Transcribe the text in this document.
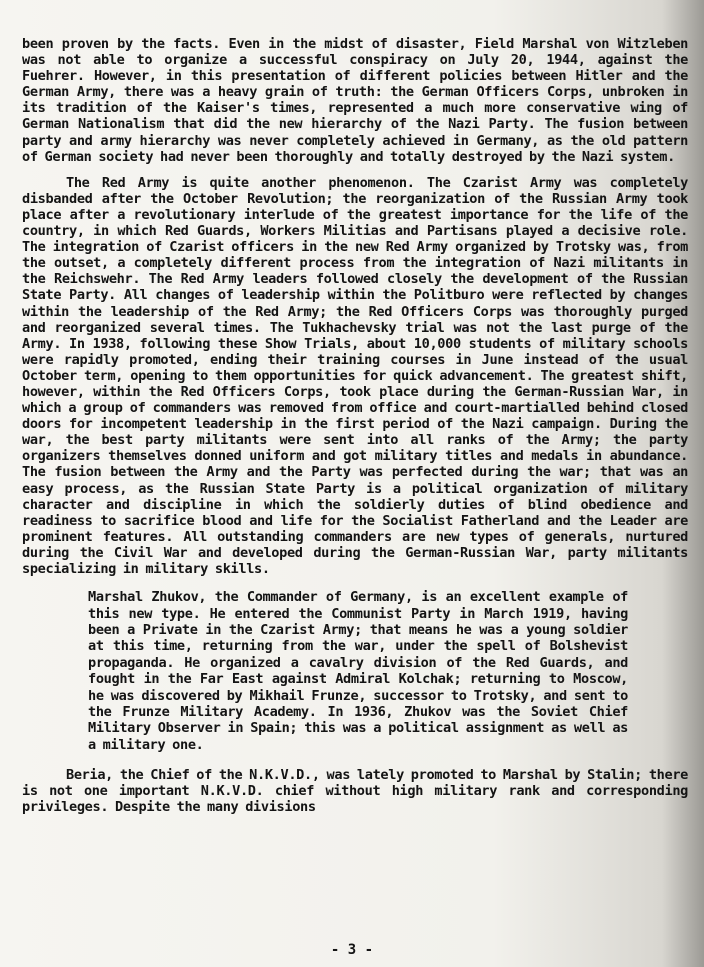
been proven by the facts. Even in the midst of disaster, Field Marshal von Witzleben was not able to organize a successful conspiracy on July 20, 1944, against the Fuehrer. However, in this presentation of different policies between Hitler and the German Army, there was a heavy grain of truth: the German Officers Corps, unbroken in its tradition of the Kaiser's times, represented a much more conservative wing of German Nationalism that did the new hierarchy of the Nazi Party. The fusion between party and army hierarchy was never completely achieved in Germany, as the old pattern of German society had never been thoroughly and totally destroyed by the Nazi system.

The Red Army is quite another phenomenon. The Czarist Army was completely disbanded after the October Revolution; the reorganization of the Russian Army took place after a revolutionary interlude of the greatest importance for the life of the country, in which Red Guards, Workers Militias and Partisans played a decisive role. The integration of Czarist officers in the new Red Army organized by Trotsky was, from the outset, a completely different process from the integration of Nazi militants in the Reichswehr. The Red Army leaders followed closely the development of the Russian State Party. All changes of leadership within the Politburo were reflected by changes within the leadership of the Red Army; the Red Officers Corps was thoroughly purged and reorganized several times. The Tukhachevsky trial was not the last purge of the Army. In 1938, following these Show Trials, about 10,000 students of military schools were rapidly promoted, ending their training courses in June instead of the usual October term, opening to them opportunities for quick advancement. The greatest shift, however, within the Red Officers Corps, took place during the German-Russian War, in which a group of commanders was removed from office and court-martialled behind closed doors for incompetent leadership in the first period of the Nazi campaign. During the war, the best party militants were sent into all ranks of the Army; the party organizers themselves donned uniform and got military titles and medals in abundance. The fusion between the Army and the Party was perfected during the war; that was an easy process, as the Russian State Party is a political organization of military character and discipline in which the soldierly duties of blind obedience and readiness to sacrifice blood and life for the Socialist Fatherland and the Leader are prominent features. All outstanding commanders are new types of generals, nurtured during the Civil War and developed during the German-Russian War, party militants specializing in military skills.

Marshal Zhukov, the Commander of Germany, is an excellent example of this new type. He entered the Communist Party in March 1919, having been a Private in the Czarist Army; that means he was a young soldier at this time, returning from the war, under the spell of Bolshevist propaganda. He organized a cavalry division of the Red Guards, and fought in the Far East against Admiral Kolchak; returning to Moscow, he was discovered by Mikhail Frunze, successor to Trotsky, and sent to the Frunze Military Academy. In 1936, Zhukov was the Soviet Chief Military Observer in Spain; this was a political assignment as well as a military one.

Beria, the Chief of the N.K.V.D., was lately promoted to Marshal by Stalin; there is not one important N.K.V.D. chief without high military rank and corresponding privileges. Despite the many divisions

- 3 -
